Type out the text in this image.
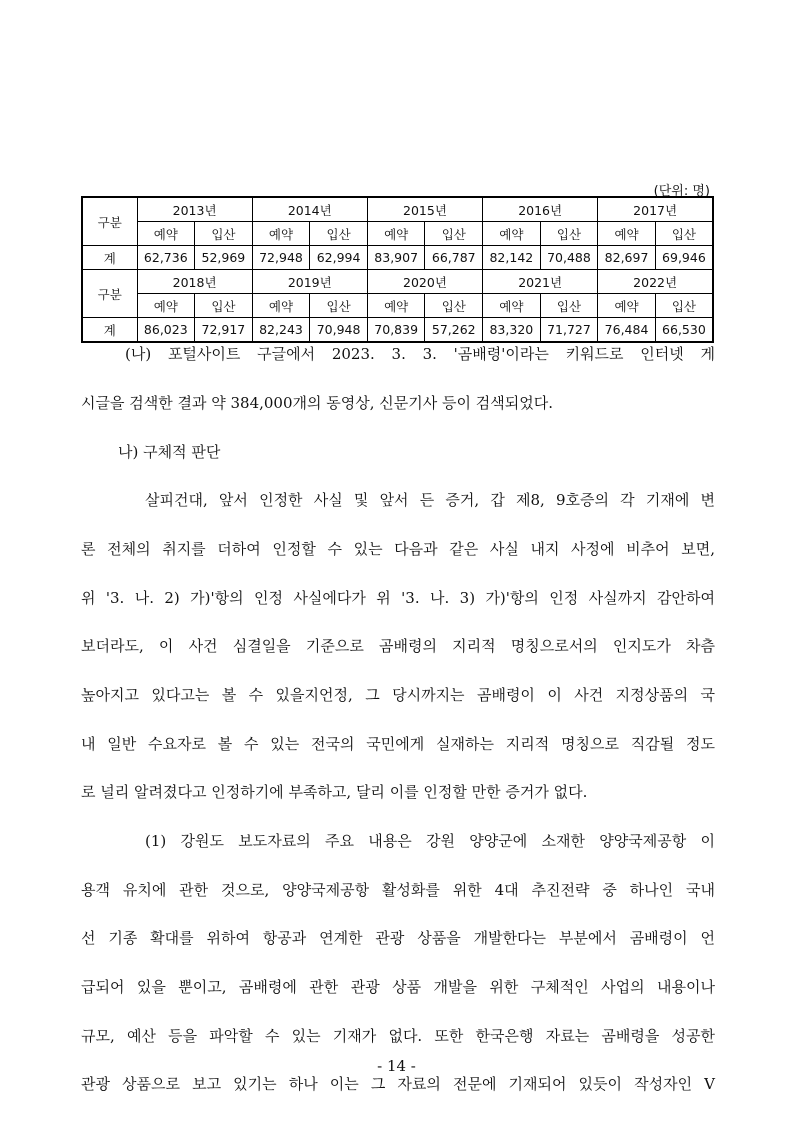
(단위: 명)
구분	2013년		2014년		2015년		2016년		2017년	
	예약	입산	예약	입산	예약	입산	예약	입산	예약	입산
계	62,736	52,969	72,948	62,994	83,907	66,787	82,142	70,488	82,697	69,946
구분	2018년		2019년		2020년		2021년		2022년	
	예약	입산	예약	입산	예약	입산	예약	입산	예약	입산
계	86,023	72,917	82,243	70,948	70,839	57,262	83,320	71,727	76,484	66,530
(나) 포털사이트 구글에서 2023. 3. 3. '곰배령'이라는 키워드로 인터넷 게
시글을 검색한 결과 약 384,000개의 동영상, 신문기사 등이 검색되었다.
나) 구체적 판단
살피건대, 앞서 인정한 사실 및 앞서 든 증거, 갑 제8, 9호증의 각 기재에 변
론 전체의 취지를 더하여 인정할 수 있는 다음과 같은 사실 내지 사정에 비추어 보면,
위 '3. 나. 2) 가)'항의 인정 사실에다가 위 '3. 나. 3) 가)'항의 인정 사실까지 감안하여
보더라도, 이 사건 심결일을 기준으로 곰배령의 지리적 명칭으로서의 인지도가 차츰
높아지고 있다고는 볼 수 있을지언정, 그 당시까지는 곰배령이 이 사건 지정상품의 국
내 일반 수요자로 볼 수 있는 전국의 국민에게 실재하는 지리적 명칭으로 직감될 정도
로 널리 알려졌다고 인정하기에 부족하고, 달리 이를 인정할 만한 증거가 없다.
(1) 강원도 보도자료의 주요 내용은 강원 양양군에 소재한 양양국제공항 이
용객 유치에 관한 것으로, 양양국제공항 활성화를 위한 4대 추진전략 중 하나인 국내
선 기종 확대를 위하여 항공과 연계한 관광 상품을 개발한다는 부분에서 곰배령이 언
급되어 있을 뿐이고, 곰배령에 관한 관광 상품 개발을 위한 구체적인 사업의 내용이나
규모, 예산 등을 파악할 수 있는 기재가 없다. 또한 한국은행 자료는 곰배령을 성공한
관광 상품으로 보고 있기는 하나 이는 그 자료의 전문에 기재되어 있듯이 작성자인 V
- 14 -
